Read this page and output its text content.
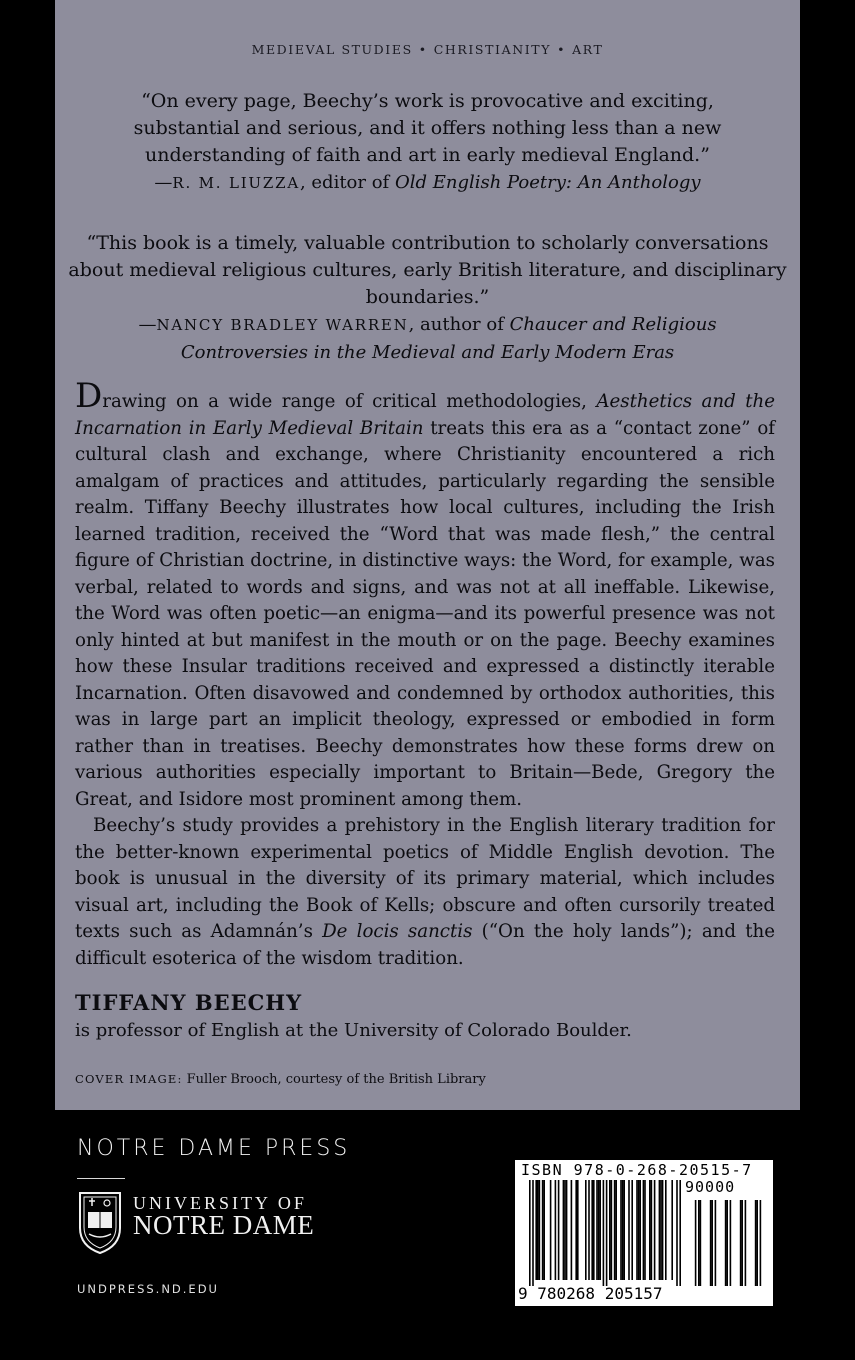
MEDIEVAL STUDIES • CHRISTIANITY • ART
“On every page, Beechy’s work is provocative and exciting, substantial and serious, and it offers nothing less than a new understanding of faith and art in early medieval England.”
—R. M. LIUZZA, editor of Old English Poetry: An Anthology
“This book is a timely, valuable contribution to scholarly conversations about medieval religious cultures, early British literature, and disciplinary boundaries.”
—NANCY BRADLEY WARREN, author of Chaucer and Religious
Controversies in the Medieval and Early Modern Eras

Drawing on a wide range of critical methodologies, Aesthetics and the Incarnation in Early Medieval Britain treats this era as a “contact zone” of cultural clash and exchange, where Christianity encountered a rich amalgam of practices and attitudes, particularly regarding the sensible realm. Tiffany Beechy illustrates how local cultures, including the Irish learned tradition, received the “Word that was made flesh,” the central figure of Christian doctrine, in distinctive ways: the Word, for example, was verbal, related to words and signs, and was not at all ineffable. Likewise, the Word was often poetic—an enigma—and its powerful presence was not only hinted at but manifest in the mouth or on the page. Beechy examines how these Insular traditions received and expressed a distinctly iterable Incarnation. Often disavowed and condemned by orthodox authorities, this was in large part an implicit theology, expressed or embodied in form rather than in treatises. Beechy demonstrates how these forms drew on various authorities especially important to Britain—Bede, Gregory the Great, and Isidore most prominent among them.

Beechy’s study provides a prehistory in the English literary tradition for the better-known experimental poetics of Middle English devotion. The book is unusual in the diversity of its primary material, which includes visual art, including the Book of Kells; obscure and often cursorily treated texts such as Adamnán’s De locis sanctis (“On the holy lands”); and the difficult esoterica of the wisdom tradition.

TIFFANY BEECHY
is professor of English at the University of Colorado Boulder.
COVER IMAGE: Fuller Brooch, courtesy of the British Library
NOTRE DAME PRESS
UNIVERSITY OF
NOTRE DAME
UNDPRESS.ND.EDU
ISBN 978-0-268-20515-7
90000
9 780268 205157
